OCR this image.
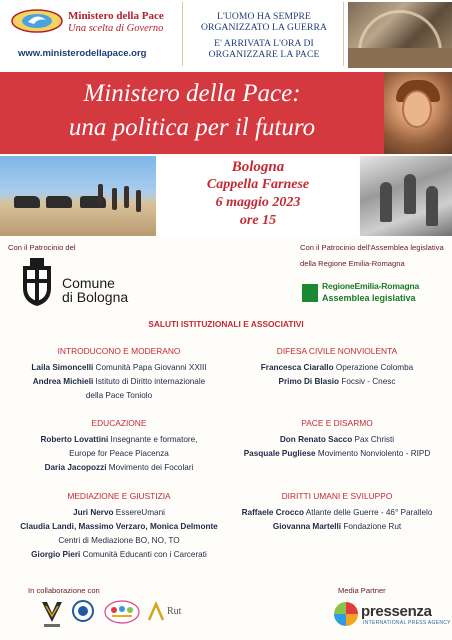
Ministero della Pace
Una scelta di Governo
www.ministerodellapace.org
L'UOMO HA SEMPRE
ORGANIZZATO LA GUERRA
E' ARRIVATA L'ORA DI
ORGANIZZARE LA PACE
Ministero della Pace:
una politica per il futuro
Bologna
Cappella Farnese
6 maggio 2023
ore 15
Con il Patrocinio del
Comune
di Bologna
Con il Patrocinio dell'Assemblea legislativa
della Regione Emilia-Romagna
RegioneEmilia-Romagna
Assemblea legislativa
SALUTI ISTITUZIONALI E ASSOCIATIVI
INTRODUCONO E MODERANO
Laila Simoncelli Comunità Papa Giovanni XXIII
Andrea Michieli Istituto di Diritto internazionale
della Pace Toniolo
EDUCAZIONE
Roberto Lovattini Insegnante e formatore,
Europe for Peace Piacenza
Daria Jacopozzi Movimento dei Focolari
MEDIAZIONE E GIUSTIZIA
Juri Nervo EssereUmani
Claudia Landi, Massimo Verzaro, Monica Delmonte
Centri di Mediazione BO, NO, TO
Giorgio Pieri Comunità Educanti con i Carcerati
DIFESA CIVILE NONVIOLENTA
Francesca Ciarallo Operazione Colomba
Primo Di Blasio Focsiv - Cnesc
PACE E DISARMO
Don Renato Sacco Pax Christi
Pasquale Pugliese Movimento Nonviolento - RIPD
DIRITTI UMANI E SVILUPPO
Raffaele Crocco Atlante delle Guerre - 46° Parallelo
Giovanna Martelli Fondazione Rut
In collaborazione con
Rut
Media Partner
pressenza
INTERNATIONAL PRESS AGENCY
